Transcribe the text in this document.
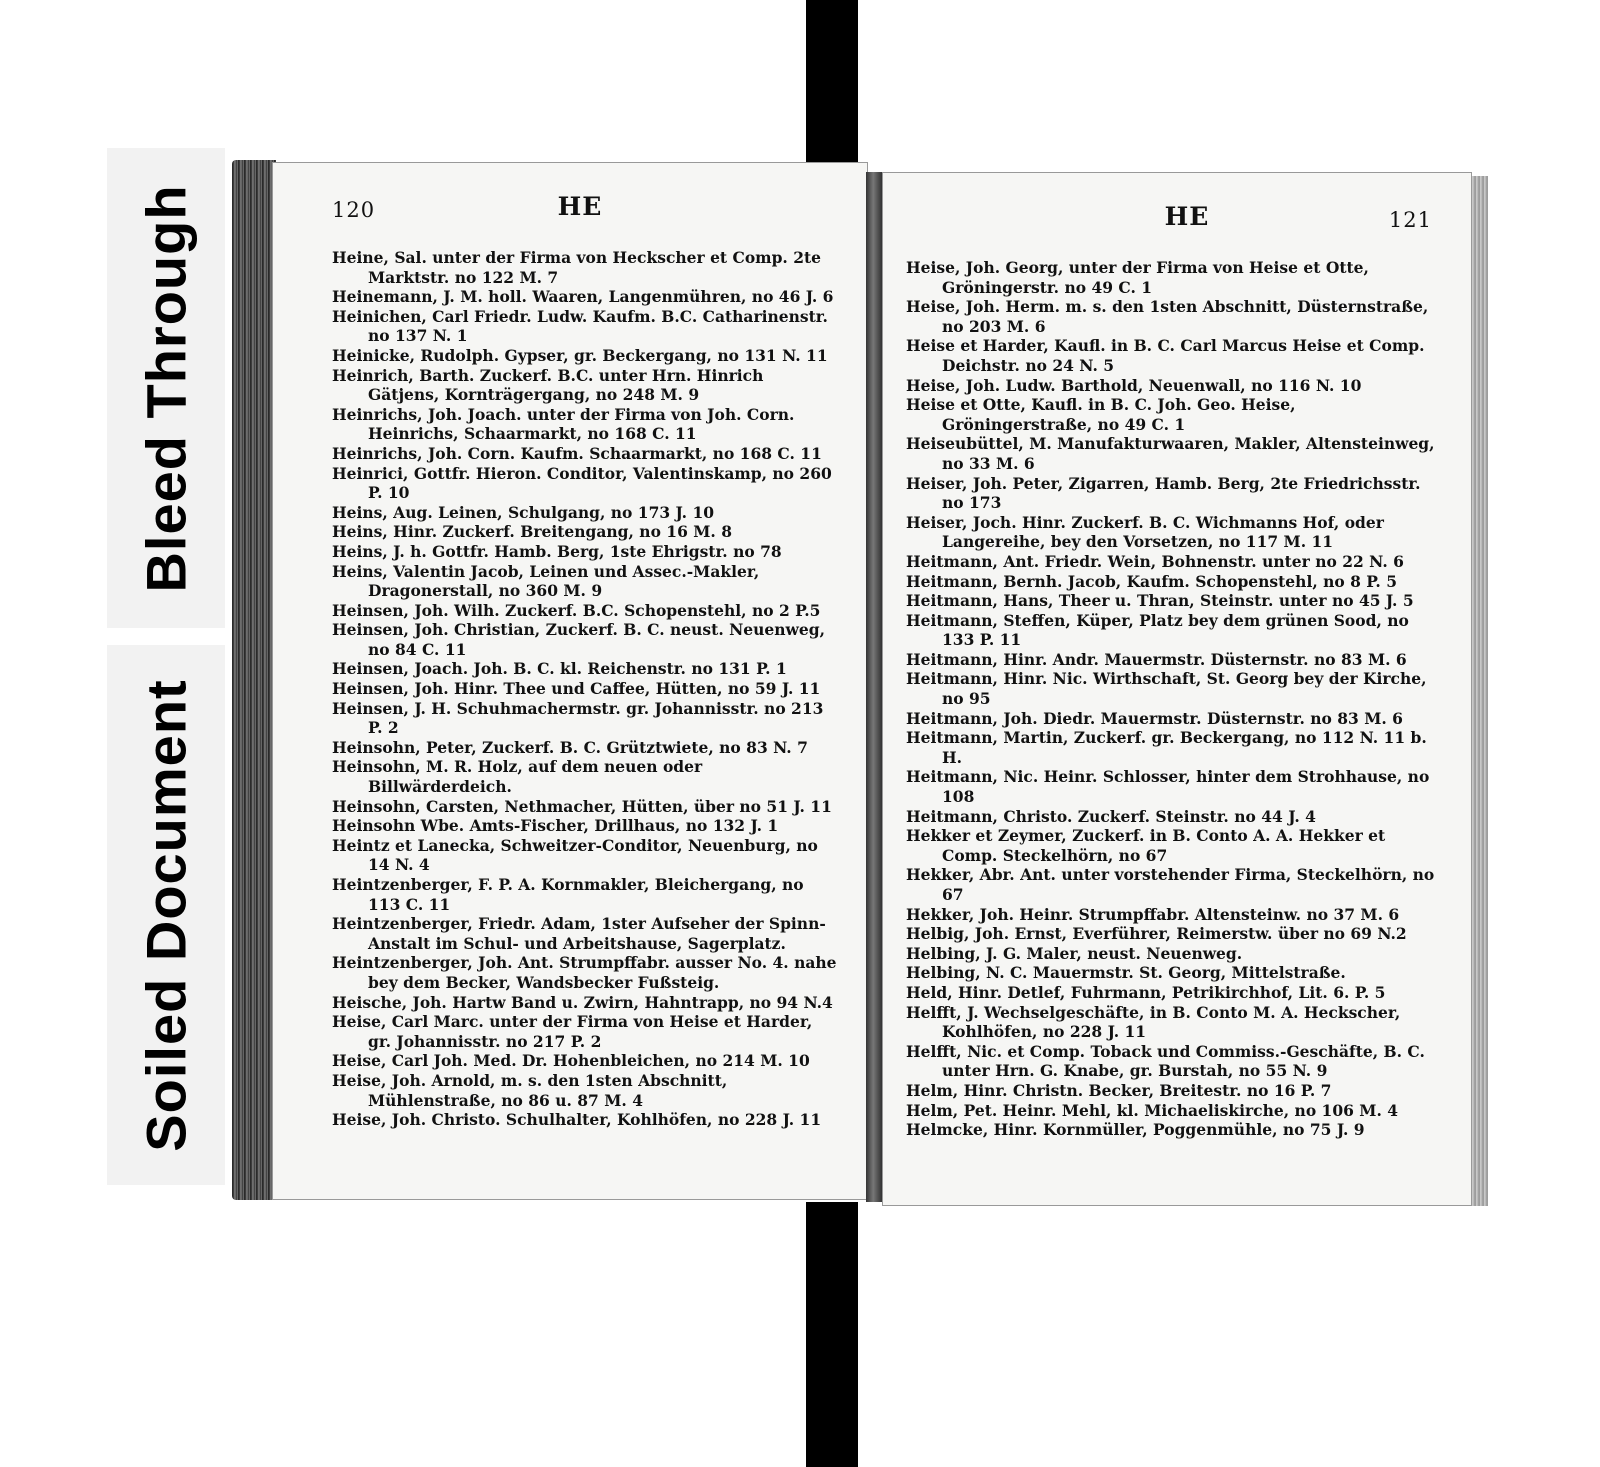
Bleed Through
Soiled Document
120	HE
Heine, Sal. unter der Firma von Heckscher et Comp. 2te Marktstr. no 122 M. 7
Heinemann, J. M. holl. Waaren, Langenmühren, no 46 J. 6
Heinichen, Carl Friedr. Ludw. Kaufm. B.C. Catharinenstr. no 137 N. 1
Heinicke, Rudolph. Gypser, gr. Beckergang, no 131 N. 11
Heinrich, Barth. Zuckerf. B.C. unter Hrn. Hinrich Gätjens, Kornträgergang, no 248 M. 9
Heinrichs, Joh. Joach. unter der Firma von Joh. Corn. Heinrichs, Schaarmarkt, no 168 C. 11
Heinrichs, Joh. Corn. Kaufm. Schaarmarkt, no 168 C. 11
Heinrici, Gottfr. Hieron. Conditor, Valentinskamp, no 260 P. 10
Heins, Aug. Leinen, Schulgang, no 173 J. 10
Heins, Hinr. Zuckerf. Breitengang, no 16 M. 8
Heins, J. h. Gottfr. Hamb. Berg, 1ste Ehrigstr. no 78
Heins, Valentin Jacob, Leinen und Assec.-Makler, Dragonerstall, no 360 M. 9
Heinsen, Joh. Wilh. Zuckerf. B.C. Schopenstehl, no 2 P.5
Heinsen, Joh. Christian, Zuckerf. B. C. neust. Neuenweg, no 84 C. 11
Heinsen, Joach. Joh. B. C. kl. Reichenstr. no 131 P. 1
Heinsen, Joh. Hinr. Thee und Caffee, Hütten, no 59 J. 11
Heinsen, J. H. Schuhmachermstr. gr. Johannisstr. no 213 P. 2
Heinsohn, Peter, Zuckerf. B. C. Grütztwiete, no 83 N. 7
Heinsohn, M. R. Holz, auf dem neuen oder Billwärderdeich.
Heinsohn, Carsten, Nethmacher, Hütten, über no 51 J. 11
Heinsohn Wbe. Amts-Fischer, Drillhaus, no 132 J. 1
Heintz et Lanecka, Schweitzer-Conditor, Neuenburg, no 14 N. 4
Heintzenberger, F. P. A. Kornmakler, Bleichergang, no 113 C. 11
Heintzenberger, Friedr. Adam, 1ster Aufseher der Spinn-Anstalt im Schul- und Arbeitshause, Sagerplatz.
Heintzenberger, Joh. Ant. Strumpffabr. ausser No. 4. nahe bey dem Becker, Wandsbecker Fußsteig.
Heische, Joh. Hartw Band u. Zwirn, Hahntrapp, no 94 N.4
Heise, Carl Marc. unter der Firma von Heise et Harder, gr. Johannisstr. no 217 P. 2
Heise, Carl Joh. Med. Dr. Hohenbleichen, no 214 M. 10
Heise, Joh. Arnold, m. s. den 1sten Abschnitt, Mühlenstraße, no 86 u. 87 M. 4
Heise, Joh. Christo. Schulhalter, Kohlhöfen, no 228 J. 11
HE	121
Heise, Joh. Georg, unter der Firma von Heise et Otte, Gröningerstr. no 49 C. 1
Heise, Joh. Herm. m. s. den 1sten Abschnitt, Düsternstraße, no 203 M. 6
Heise et Harder, Kaufl. in B. C. Carl Marcus Heise et Comp. Deichstr. no 24 N. 5
Heise, Joh. Ludw. Barthold, Neuenwall, no 116 N. 10
Heise et Otte, Kaufl. in B. C. Joh. Geo. Heise, Gröningerstraße, no 49 C. 1
Heiseubüttel, M. Manufakturwaaren, Makler, Altensteinweg, no 33 M. 6
Heiser, Joh. Peter, Zigarren, Hamb. Berg, 2te Friedrichsstr. no 173
Heiser, Joch. Hinr. Zuckerf. B. C. Wichmanns Hof, oder Langereihe, bey den Vorsetzen, no 117 M. 11
Heitmann, Ant. Friedr. Wein, Bohnenstr. unter no 22 N. 6
Heitmann, Bernh. Jacob, Kaufm. Schopenstehl, no 8 P. 5
Heitmann, Hans, Theer u. Thran, Steinstr. unter no 45 J. 5
Heitmann, Steffen, Küper, Platz bey dem grünen Sood, no 133 P. 11
Heitmann, Hinr. Andr. Mauermstr. Düsternstr. no 83 M. 6
Heitmann, Hinr. Nic. Wirthschaft, St. Georg bey der Kirche, no 95
Heitmann, Joh. Diedr. Mauermstr. Düsternstr. no 83 M. 6
Heitmann, Martin, Zuckerf. gr. Beckergang, no 112 N. 11 b. H.
Heitmann, Nic. Heinr. Schlosser, hinter dem Strohhause, no 108
Heitmann, Christo. Zuckerf. Steinstr. no 44 J. 4
Hekker et Zeymer, Zuckerf. in B. Conto A. A. Hekker et Comp. Steckelhörn, no 67
Hekker, Abr. Ant. unter vorstehender Firma, Steckelhörn, no 67
Hekker, Joh. Heinr. Strumpffabr. Altensteinw. no 37 M. 6
Helbig, Joh. Ernst, Everführer, Reimerstw. über no 69 N.2
Helbing, J. G. Maler, neust. Neuenweg.
Helbing, N. C. Mauermstr. St. Georg, Mittelstraße.
Held, Hinr. Detlef, Fuhrmann, Petrikirchhof, Lit. 6. P. 5
Helfft, J. Wechselgeschäfte, in B. Conto M. A. Heckscher, Kohlhöfen, no 228 J. 11
Helfft, Nic. et Comp. Toback und Commiss.-Geschäfte, B. C. unter Hrn. G. Knabe, gr. Burstah, no 55 N. 9
Helm, Hinr. Christn. Becker, Breitestr. no 16 P. 7
Helm, Pet. Heinr. Mehl, kl. Michaeliskirche, no 106 M. 4
Helmcke, Hinr. Kornmüller, Poggenmühle, no 75 J. 9
